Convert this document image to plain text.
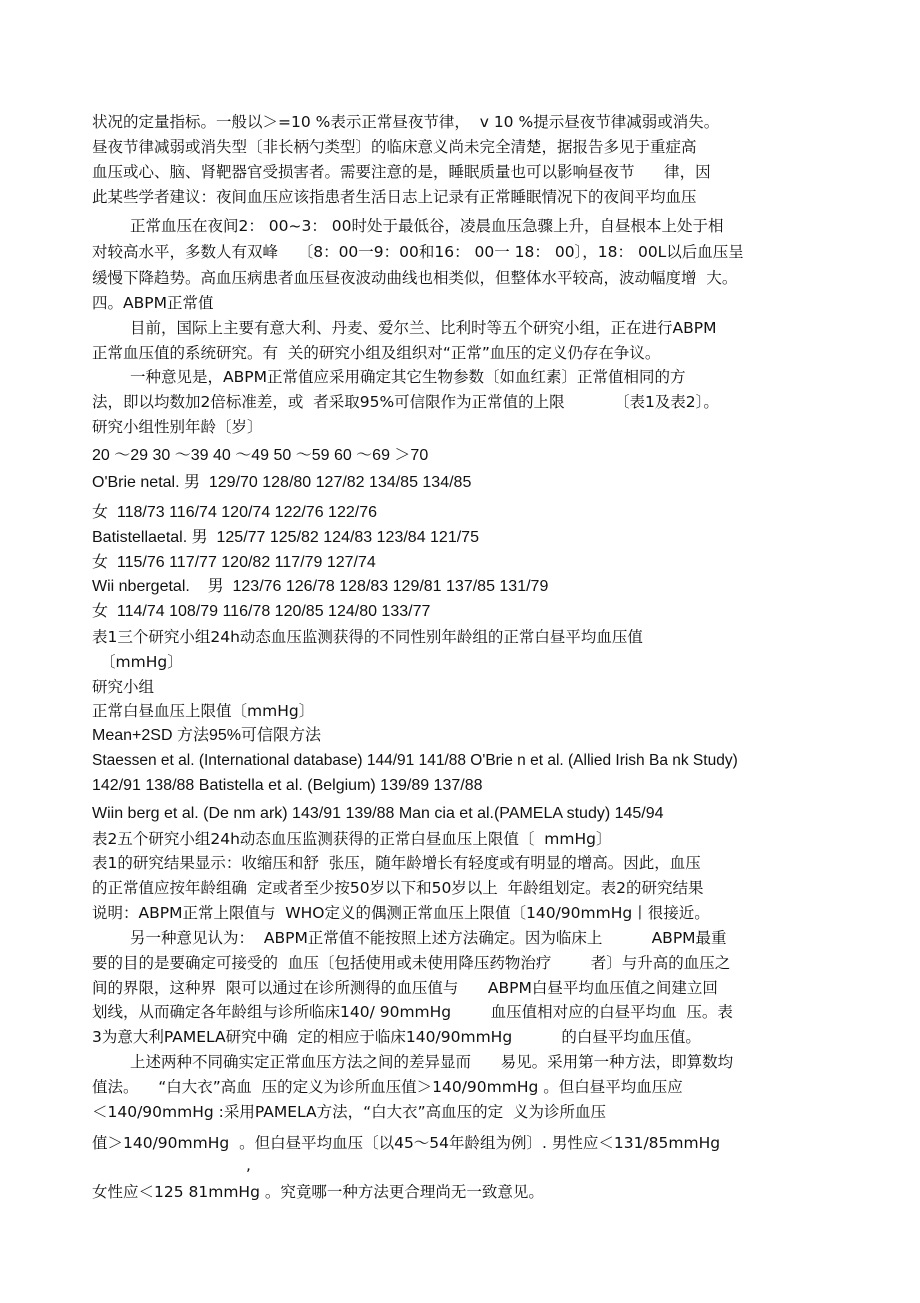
状况的定量指标。一般以＞=10 %表示正常昼夜节律，  v 10 %提示昼夜节律减弱或消失。

昼夜节律减弱或消失型〔非长柄勺类型〕的临床意义尚未完全清楚，据报告多见于重症高

血压或心、脑、肾靶器官受损害者。需要注意的是，睡眠质量也可以影响昼夜节      律，因

此某些学者建议：夜间血压应该指患者生活日志上记录有正常睡眠情况下的夜间平均血压

正常血压在夜间2： 00~3： 00时处于最低谷，凌晨血压急骤上升，自昼根本上处于相

对较高水平，多数人有双峰    〔8：00一9：00和16： 00一 18： 00〕，18： 00L以后血压呈

缓慢下降趋势。高血压病患者血压昼夜波动曲线也相类似，但整体水平较高，波动幅度增  大。

四。ABPM正常值

目前，国际上主要有意大利、丹麦、爱尔兰、比利时等五个研究小组，正在进行ABPM

正常血压值的系统研究。有  关的研究小组及组织对“正常”血压的定义仍存在争议。

一种意见是，ABPM正常值应采用确定其它生物参数〔如血红素〕正常值相同的方

法，即以均数加2倍标准差，或  者采取95%可信限作为正常值的上限          〔表1及表2〕。

研究小组性别年龄〔岁〕

20 ～29 30 ～39 40 ～49 50 ～59 60 ～69 ＞70

O'Brie netal. 男  129/70 128/80 127/82 134/85 134/85

女  118/73 116/74 120/74 122/76 122/76

Batistellaetal. 男  125/77 125/82 124/83 123/84 121/75

女  115/76 117/77 120/82 117/79 127/74

Wii nbergetal.    男  123/76 126/78 128/83 129/81 137/85 131/79

女  114/74 108/79 116/78 120/85 124/80 133/77

表1三个研究小组24h动态血压监测获得的不同性别年龄组的正常白昼平均血压值

〔mmHg〕

研究小组

正常白昼血压上限值〔mmHg〕

Mean+2SD 方法95%可信限方法

Staessen et al. (International database) 144/91 141/88 O'Brie n et al. (Allied Irish Ba nk Study)

142/91 138/88 Batistella et al. (Belgium) 139/89 137/88

Wiin berg et al. (De nm ark) 143/91 139/88 Man cia et al.(PAMELA study) 145/94

表2五个研究小组24h动态血压监测获得的正常白昼血压上限值〔  mmHg〕

表1的研究结果显示：收缩压和舒  张压，随年龄增长有轻度或有明显的增高。因此，血压

的正常值应按年龄组确  定或者至少按50岁以下和50岁以上  年龄组划定。表2的研究结果

说明：ABPM正常上限值与  WHO定义的偶测正常血压上限值〔140/90mmHg丨很接近。

另一种意见认为：  ABPM正常值不能按照上述方法确定。因为临床上          ABPM最重

要的目的是要确定可接受的  血压〔包括使用或未使用降压药物治疗        者〕与升高的血压之

间的界限，这种界  限可以通过在诊所测得的血压值与      ABPM白昼平均血压值之间建立回

划线，从而确定各年龄组与诊所临床140/ 90mmHg        血压值相对应的白昼平均血  压。表

3为意大利PAMELA研究中确  定的相应于临床140/90mmHg          的白昼平均血压值。

上述两种不同确实定正常血压方法之间的差异显而      易见。采用第一种方法，即算数均

值法。    “白大衣”高血  压的定义为诊所血压值＞140/90mmHg 。但白昼平均血压应

＜140/90mmHg :采用PAMELA方法，“白大衣”高血压的定  义为诊所血压

值＞140/90mmHg  。但白昼平均血压〔以45～54年龄组为例〕. 男性应＜131/85mmHg

,

女性应＜125 81mmHg 。究竟哪一种方法更合理尚无一致意见。
